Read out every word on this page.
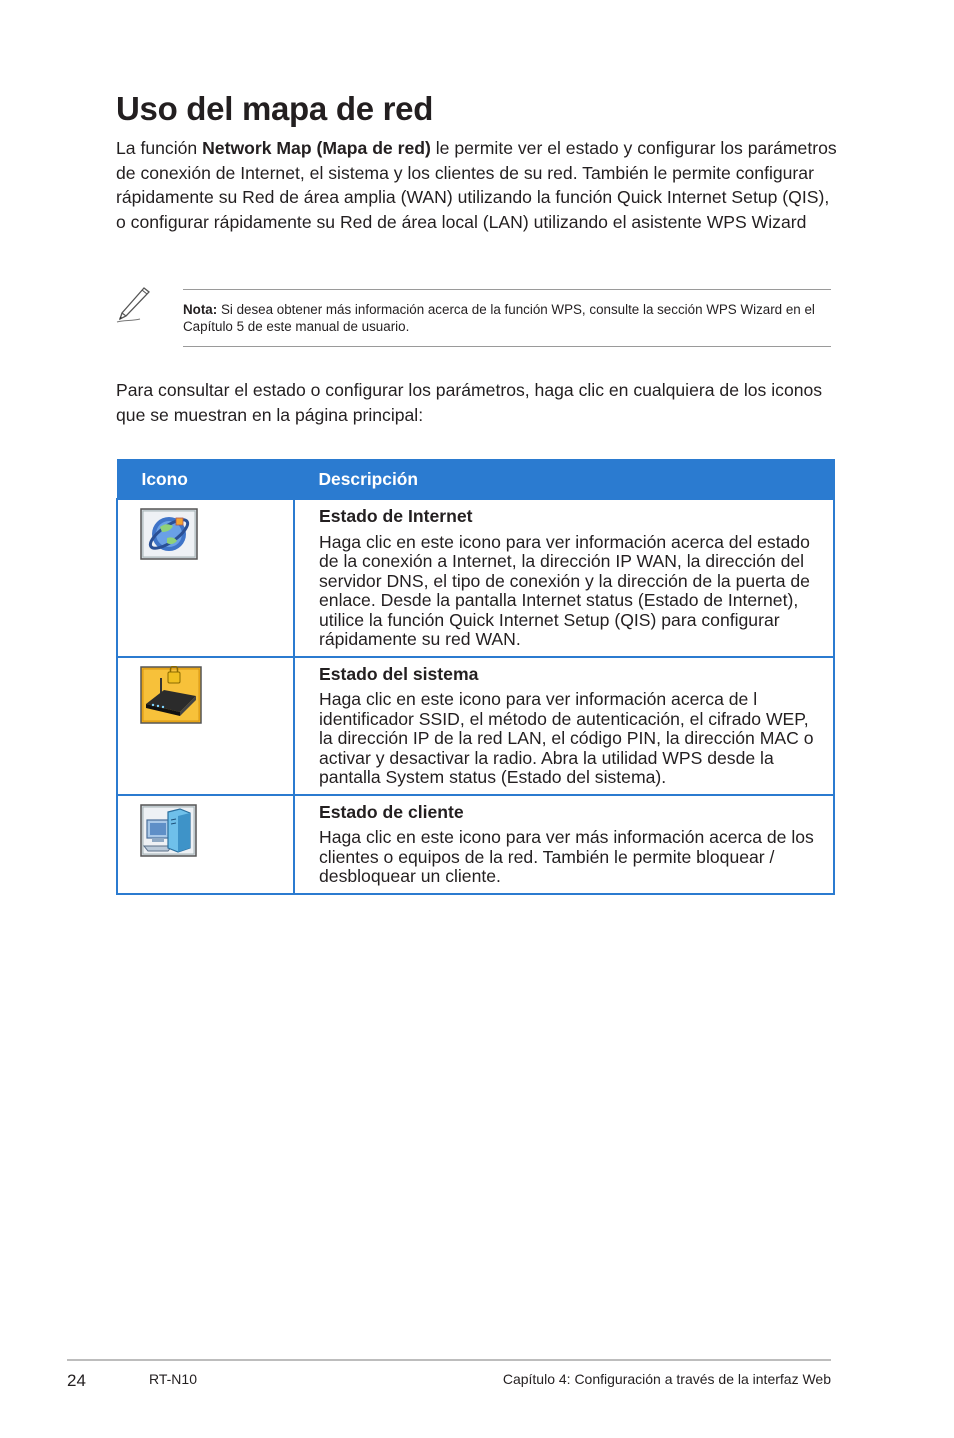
Uso del mapa de red

La función Network Map (Mapa de red) le permite ver el estado y configurar los parámetros de conexión de Internet, el sistema y los clientes de su red. También le permite configurar rápidamente su Red de área amplia (WAN) utilizando la función Quick Internet Setup (QIS), o configurar rápidamente su Red de área local (LAN) utilizando el asistente WPS Wizard

Nota: Si desea obtener más información acerca de la función WPS, consulte la sección WPS Wizard en el Capítulo 5 de este manual de usuario.

Para consultar el estado o configurar los parámetros, haga clic en cualquiera de los iconos que se muestran en la página principal:

Icono	Descripción

Estado de Internet
Haga clic en este icono para ver información acerca del estado de la conexión a Internet, la dirección IP WAN, la dirección del servidor DNS, el tipo de conexión y la dirección de la puerta de enlace. Desde la pantalla Internet status (Estado de Internet), utilice la función Quick Internet Setup (QIS) para configurar rápidamente su red WAN.

Estado del sistema
Haga clic en este icono para ver información acerca de l identificador SSID, el método de autenticación, el cifrado WEP, la dirección IP de la red LAN, el código PIN, la dirección MAC o activar y desactivar la radio. Abra la utilidad WPS desde la pantalla System status (Estado del sistema).

Estado de cliente
Haga clic en este icono para ver más información acerca de los clientes o equipos de la red. También le permite bloquear / desbloquear un cliente.
24	RT-N10	Capítulo 4: Configuración a través de la interfaz Web
